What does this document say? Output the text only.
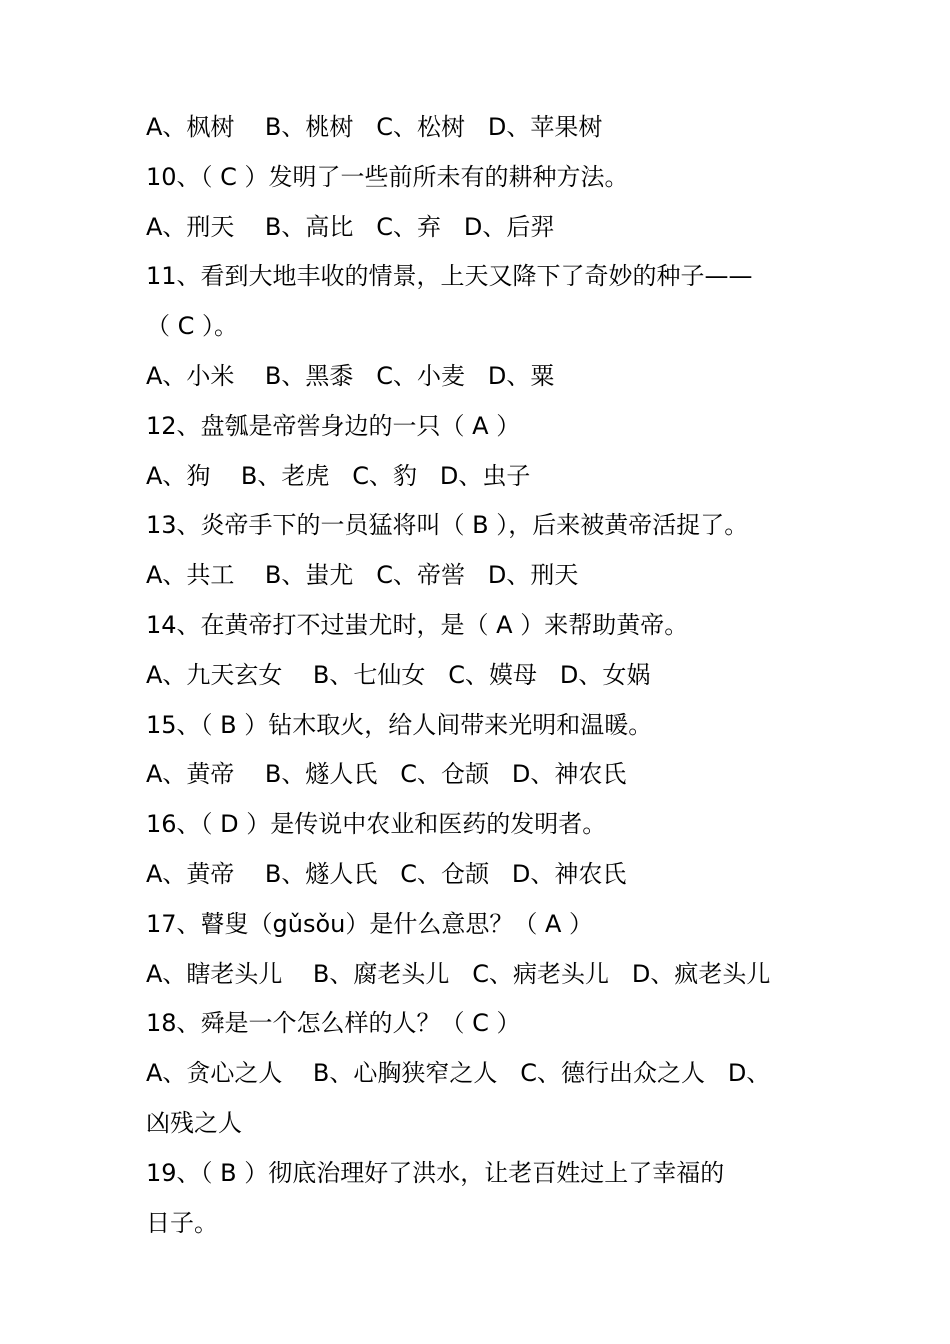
A、枫树    B、桃树   C、松树   D、苹果树
10、（ C ）发明了一些前所未有的耕种方法。
A、刑天    B、高比   C、弃   D、后羿
11、看到大地丰收的情景，上天又降下了奇妙的种子——
（ C ）。
A、小米    B、黑黍   C、小麦   D、粟
12、盘瓠是帝喾身边的一只（ A ）
A、狗    B、老虎   C、豹   D、虫子
13、炎帝手下的一员猛将叫（ B ），后来被黄帝活捉了。
A、共工    B、蚩尤   C、帝喾   D、刑天
14、在黄帝打不过蚩尤时，是（ A ）来帮助黄帝。
A、九天玄女    B、七仙女   C、嫫母   D、女娲
15、（ B ）钻木取火，给人间带来光明和温暖。
A、黄帝    B、燧人氏   C、仓颉   D、神农氏
16、（ D ）是传说中农业和医药的发明者。
A、黄帝    B、燧人氏   C、仓颉   D、神农氏
17、瞽叟（gǔsǒu）是什么意思？（ A ）
A、瞎老头儿    B、腐老头儿   C、病老头儿   D、疯老头儿
18、舜是一个怎么样的人？（ C ）
A、贪心之人    B、心胸狭窄之人   C、德行出众之人   D、
凶残之人
19、（ B ）彻底治理好了洪水，让老百姓过上了幸福的
日子。
